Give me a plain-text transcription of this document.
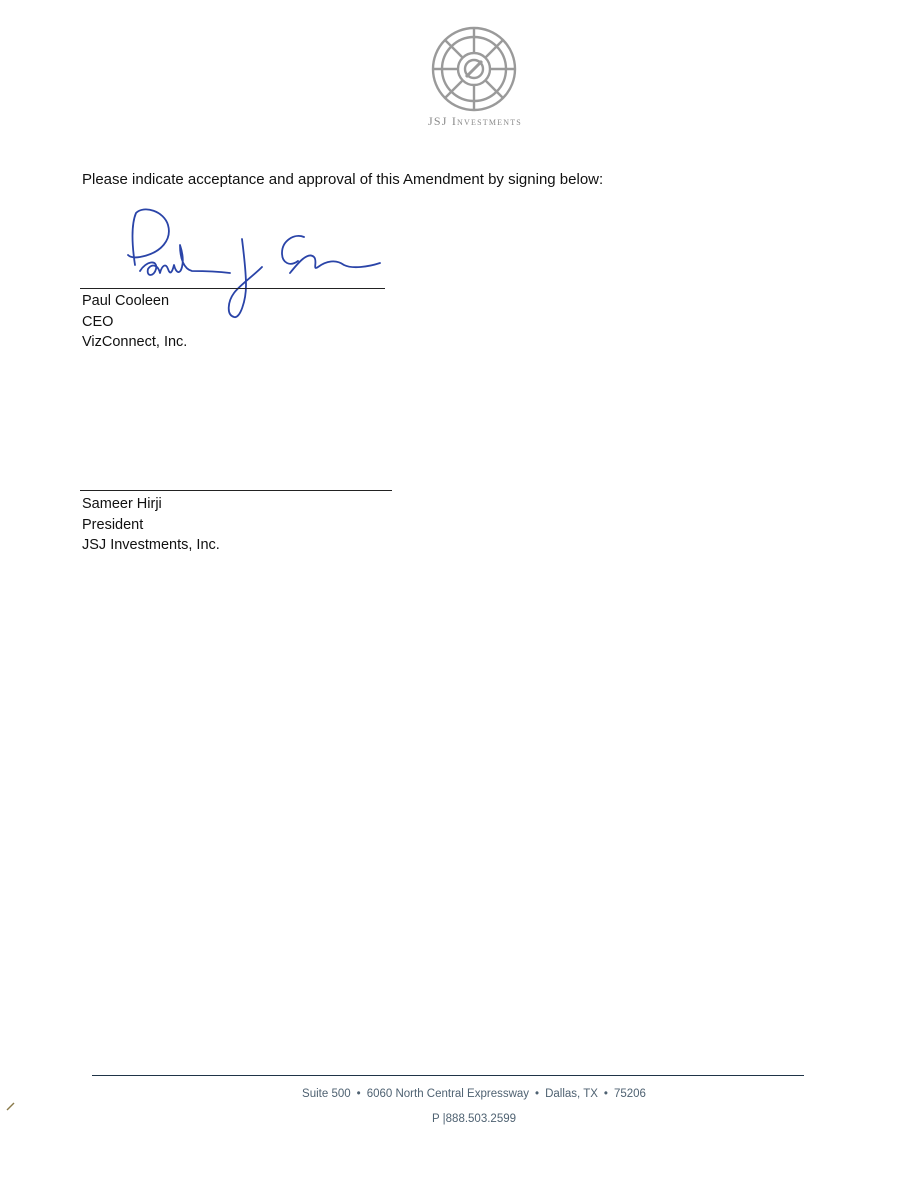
JSJ Investments
Please indicate acceptance and approval of this Amendment by signing below:
Paul Cooleen
CEO
VizConnect, Inc.
Sameer Hirji
President
JSJ Investments, Inc.
Suite 500 • 6060 North Central Expressway • Dallas, TX • 75206
P |888.503.2599
